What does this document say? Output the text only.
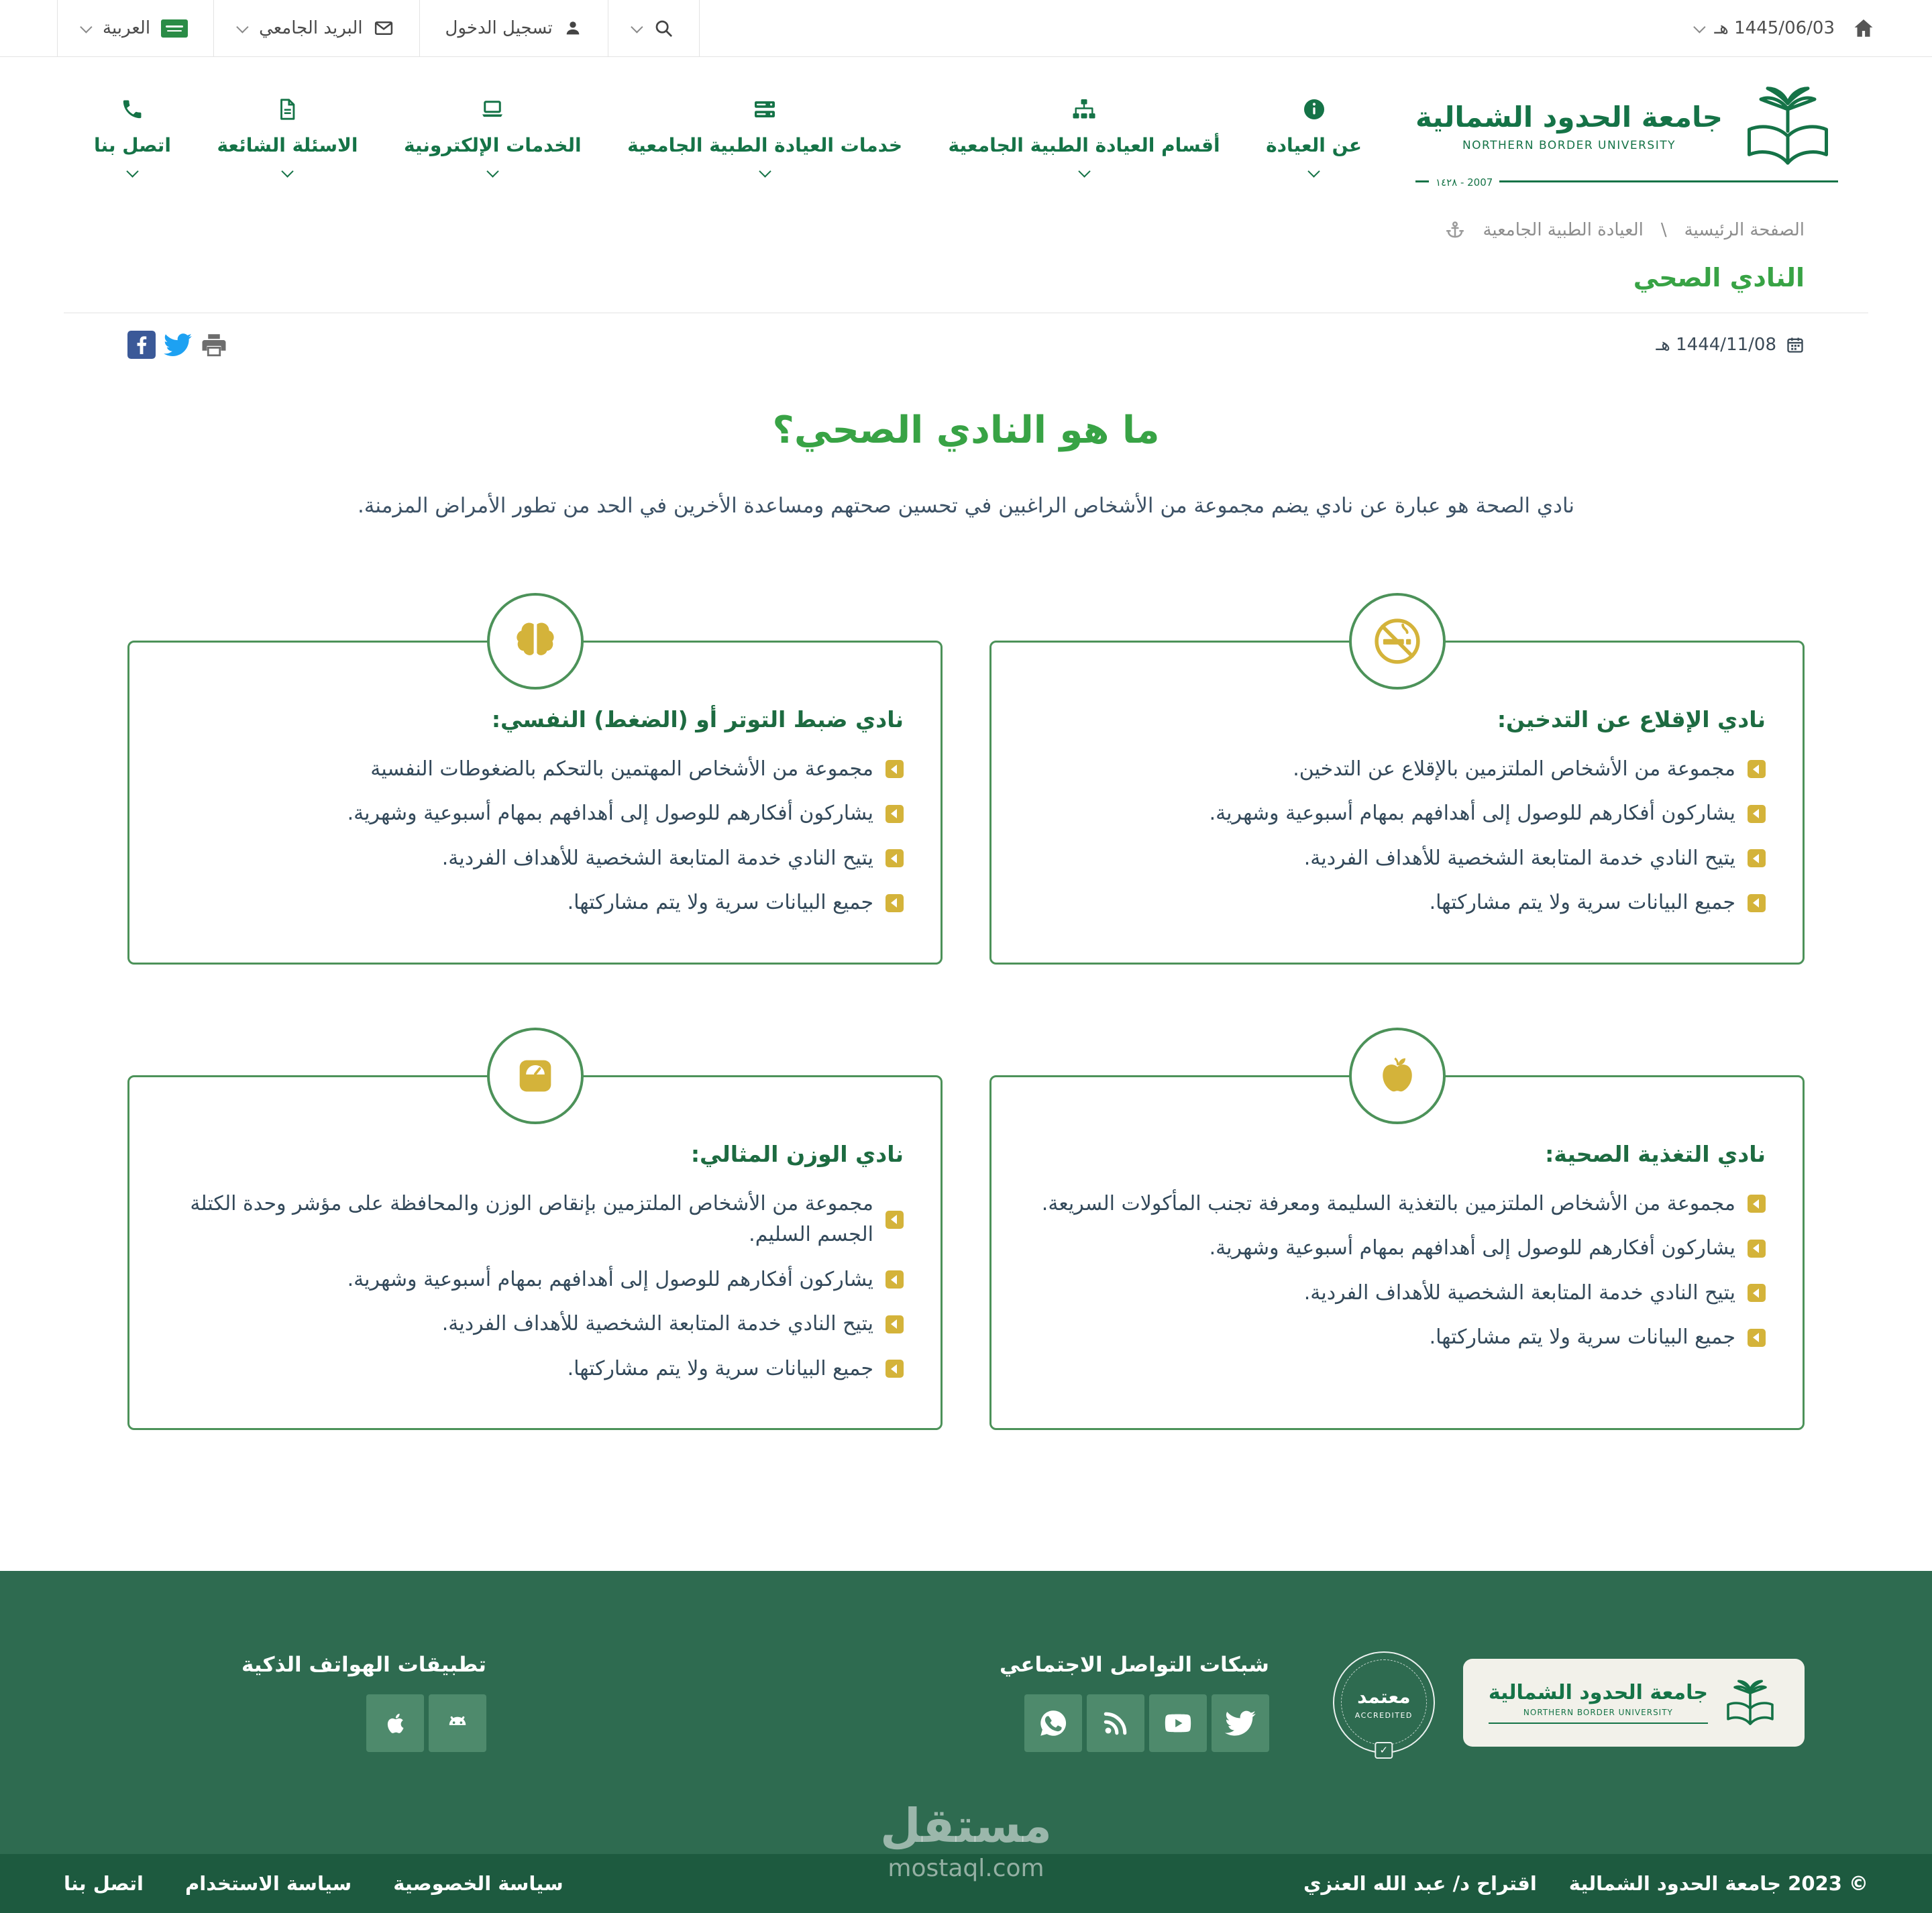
1445/06/03 هـ
تسجيل الدخول
البريد الجامعي
العربية
جامعة الحدود الشمالية
NORTHERN BORDER UNIVERSITY
2007 - ١٤٢٨
عن العيادة
أقسام العيادة الطبية الجامعية
خدمات العيادة الطبية الجامعية
الخدمات الإلكترونية
الاسئلة الشائعة
اتصل بنا
الصفحة الرئيسية
\
العيادة الطبية الجامعية
النادي الصحي
1444/11/08 هـ
ما هو النادي الصحي؟

نادي الصحة هو عبارة عن نادي يضم مجموعة من الأشخاص الراغبين في تحسين صحتهم ومساعدة الأخرين في الحد من تطور الأمراض المزمنة.

نادي الإقلاع عن التدخين:
مجموعة من الأشخاص الملتزمين بالإقلاع عن التدخين.
يشاركون أفكارهم للوصول إلى أهدافهم بمهام أسبوعية وشهرية.
يتيح النادي خدمة المتابعة الشخصية للأهداف الفردية.
جميع البيانات سرية ولا يتم مشاركتها.
نادي ضبط التوتر أو (الضغط) النفسي:
مجموعة من الأشخاص المهتمين بالتحكم بالضغوطات النفسية
يشاركون أفكارهم للوصول إلى أهدافهم بمهام أسبوعية وشهرية.
يتيح النادي خدمة المتابعة الشخصية للأهداف الفردية.
جميع البيانات سرية ولا يتم مشاركتها.
نادي التغذية الصحية:
مجموعة من الأشخاص الملتزمين بالتغذية السليمة ومعرفة تجنب المأكولات السريعة.
يشاركون أفكارهم للوصول إلى أهدافهم بمهام أسبوعية وشهرية.
يتيح النادي خدمة المتابعة الشخصية للأهداف الفردية.
جميع البيانات سرية ولا يتم مشاركتها.
نادي الوزن المثالي:
مجموعة من الأشخاص الملتزمين بإنقاص الوزن والمحافظة على مؤشر وحدة الكتلة الجسم السليم.
يشاركون أفكارهم للوصول إلى أهدافهم بمهام أسبوعية وشهرية.
يتيح النادي خدمة المتابعة الشخصية للأهداف الفردية.
جميع البيانات سرية ولا يتم مشاركتها.
جامعة الحدود الشمالية
NORTHERN BORDER UNIVERSITY
معتمد
ACCREDITED
✓
شبكات التواصل الاجتماعي
تطبيقات الهواتف الذكية
مستقل
mostaql.com
© 2023 جامعة الحدود الشمالية
اقتراح د/ عبد الله العنزي
سياسة الخصوصية
سياسة الاستخدام
اتصل بنا
